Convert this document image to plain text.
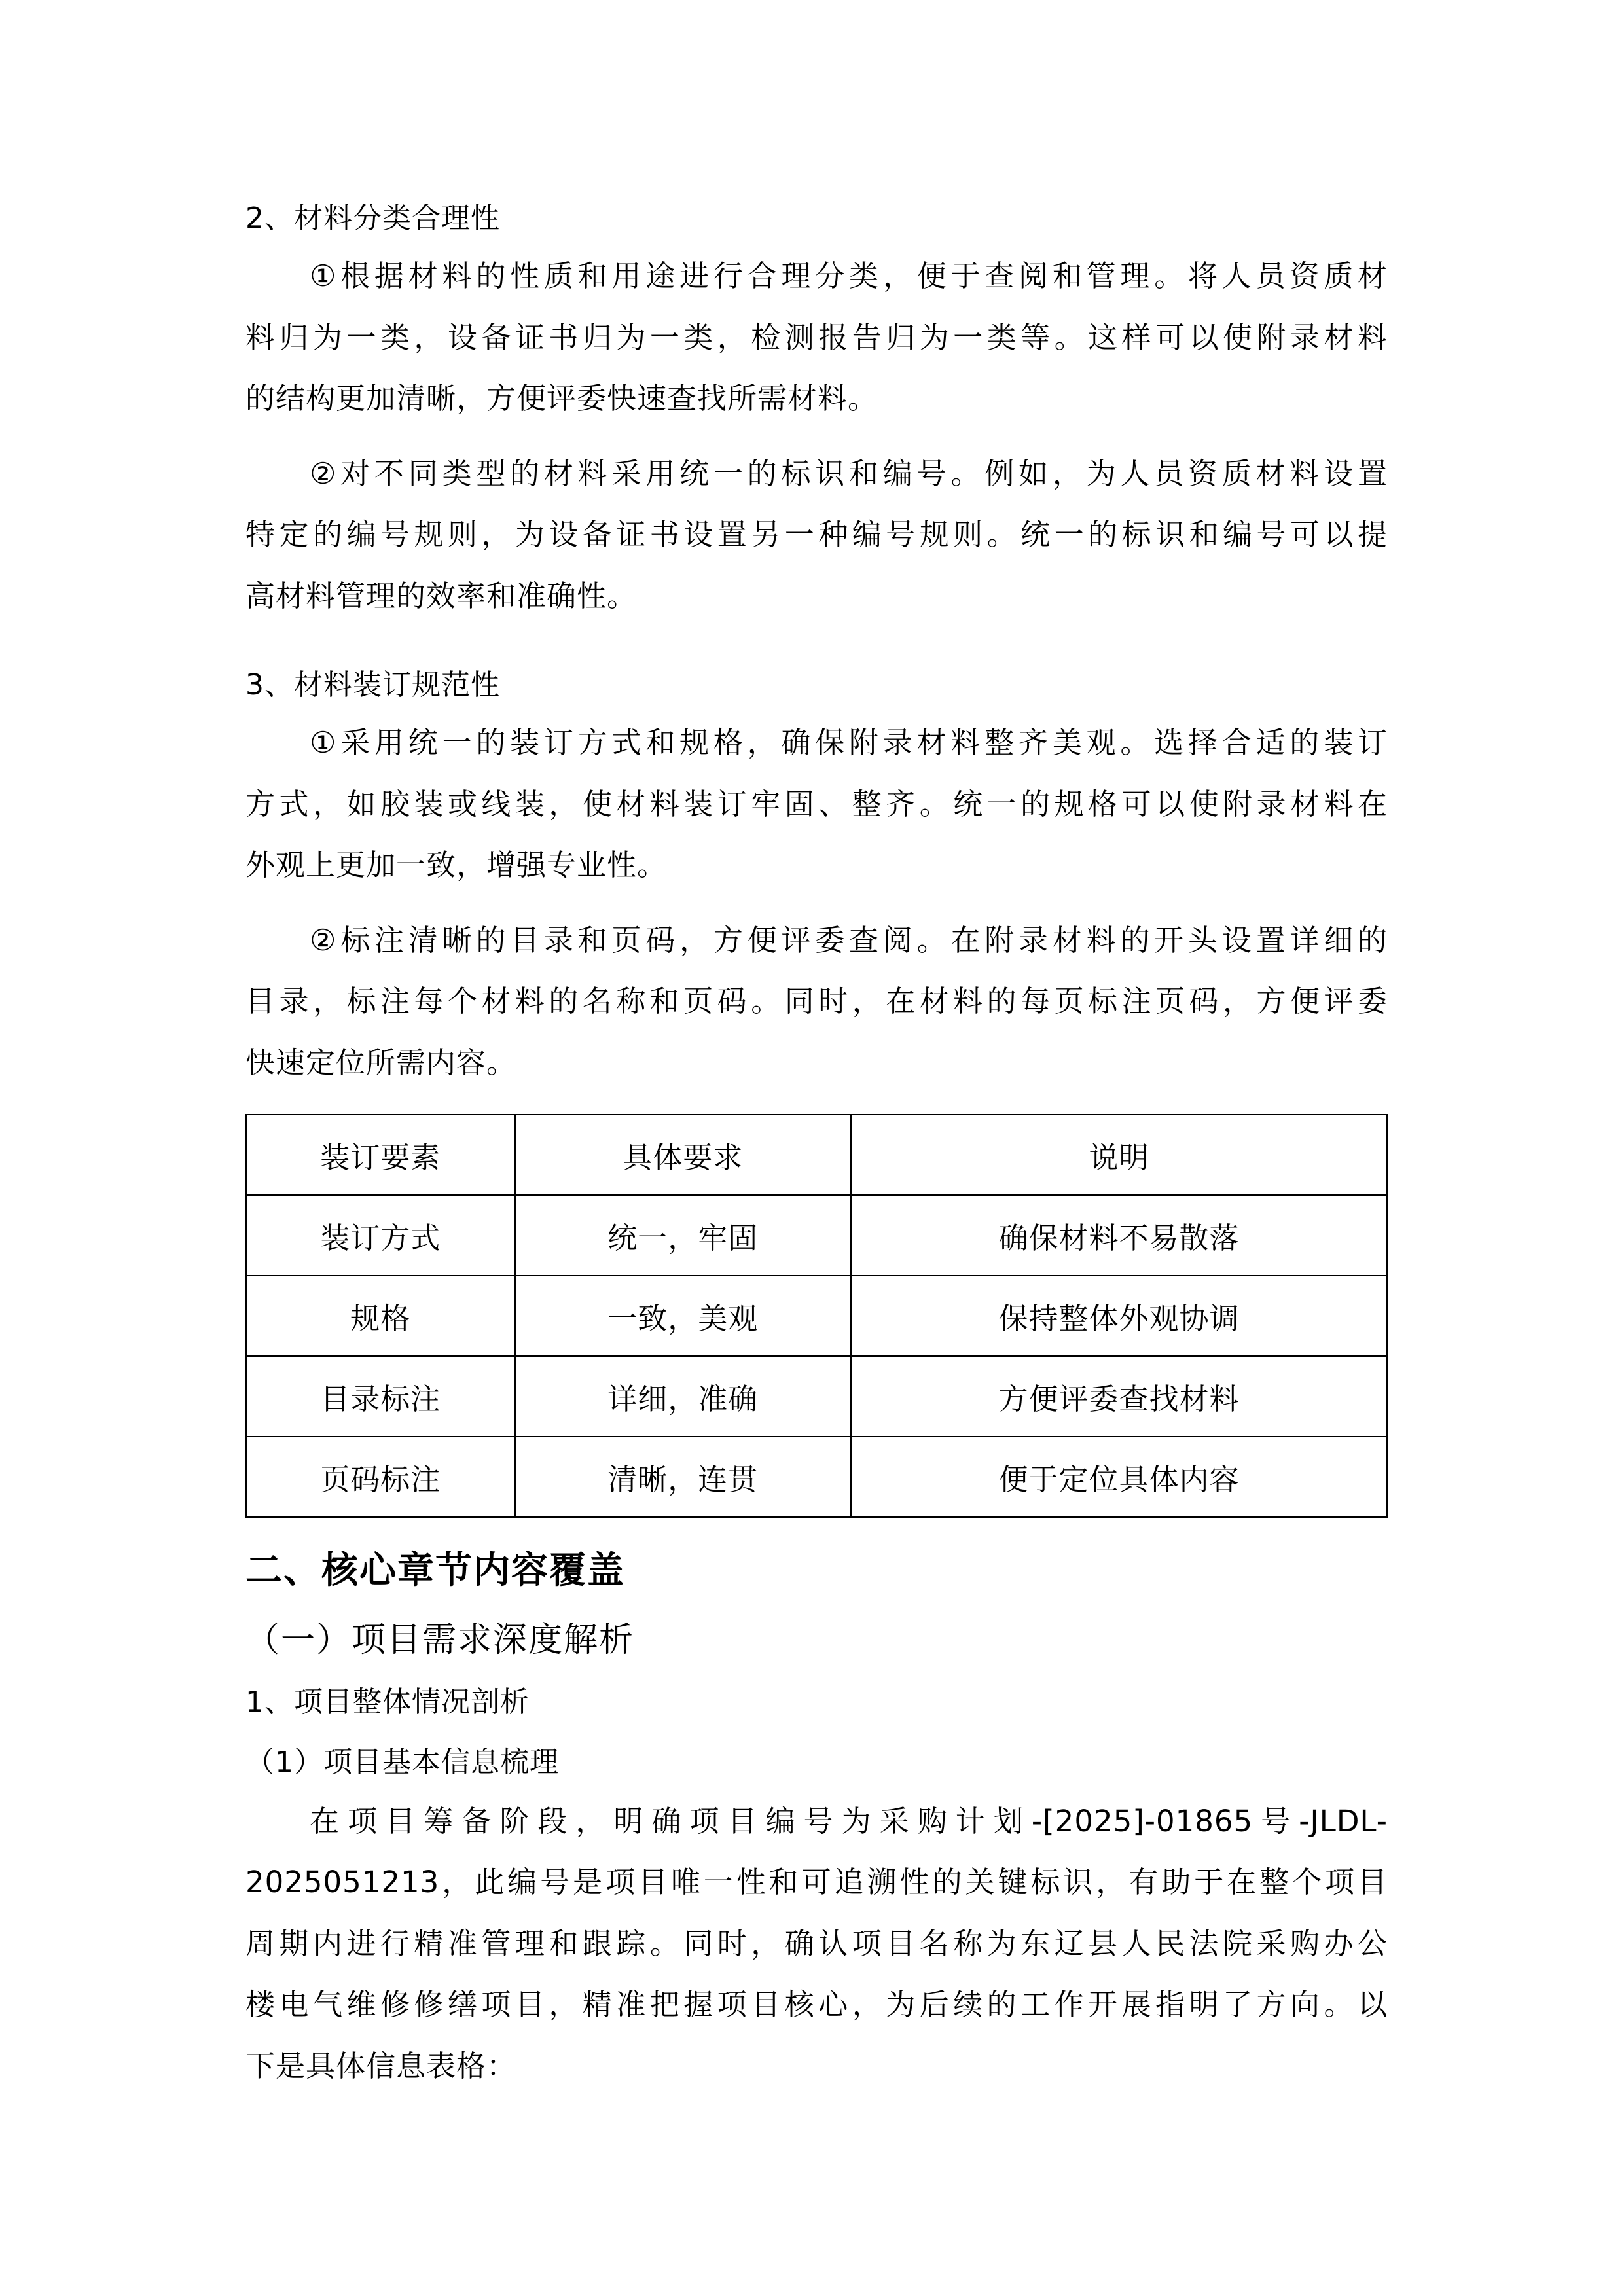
2、材料分类合理性
①根据材料的性质和用途进行合理分类，便于查阅和管理。将人员资质材
料归为一类，设备证书归为一类，检测报告归为一类等。这样可以使附录材料
的结构更加清晰，方便评委快速查找所需材料。
②对不同类型的材料采用统一的标识和编号。例如，为人员资质材料设置
特定的编号规则，为设备证书设置另一种编号规则。统一的标识和编号可以提
高材料管理的效率和准确性。
3、材料装订规范性
①采用统一的装订方式和规格，确保附录材料整齐美观。选择合适的装订
方式，如胶装或线装，使材料装订牢固、整齐。统一的规格可以使附录材料在
外观上更加一致，增强专业性。
②标注清晰的目录和页码，方便评委查阅。在附录材料的开头设置详细的
目录，标注每个材料的名称和页码。同时，在材料的每页标注页码，方便评委
快速定位所需内容。
装订要素	具体要求	说明
装订方式	统一，牢固	确保材料不易散落
规格	一致，美观	保持整体外观协调
目录标注	详细，准确	方便评委查找材料
页码标注	清晰，连贯	便于定位具体内容
二、核心章节内容覆盖
（一）项目需求深度解析
1、项目整体情况剖析
（1）项目基本信息梳理
在项目筹备阶段，明确项目编号为采购计划-[2025]-01865号-JLDL-
2025051213，此编号是项目唯一性和可追溯性的关键标识，有助于在整个项目
周期内进行精准管理和跟踪。同时，确认项目名称为东辽县人民法院采购办公
楼电气维修修缮项目，精准把握项目核心，为后续的工作开展指明了方向。以
下是具体信息表格：
